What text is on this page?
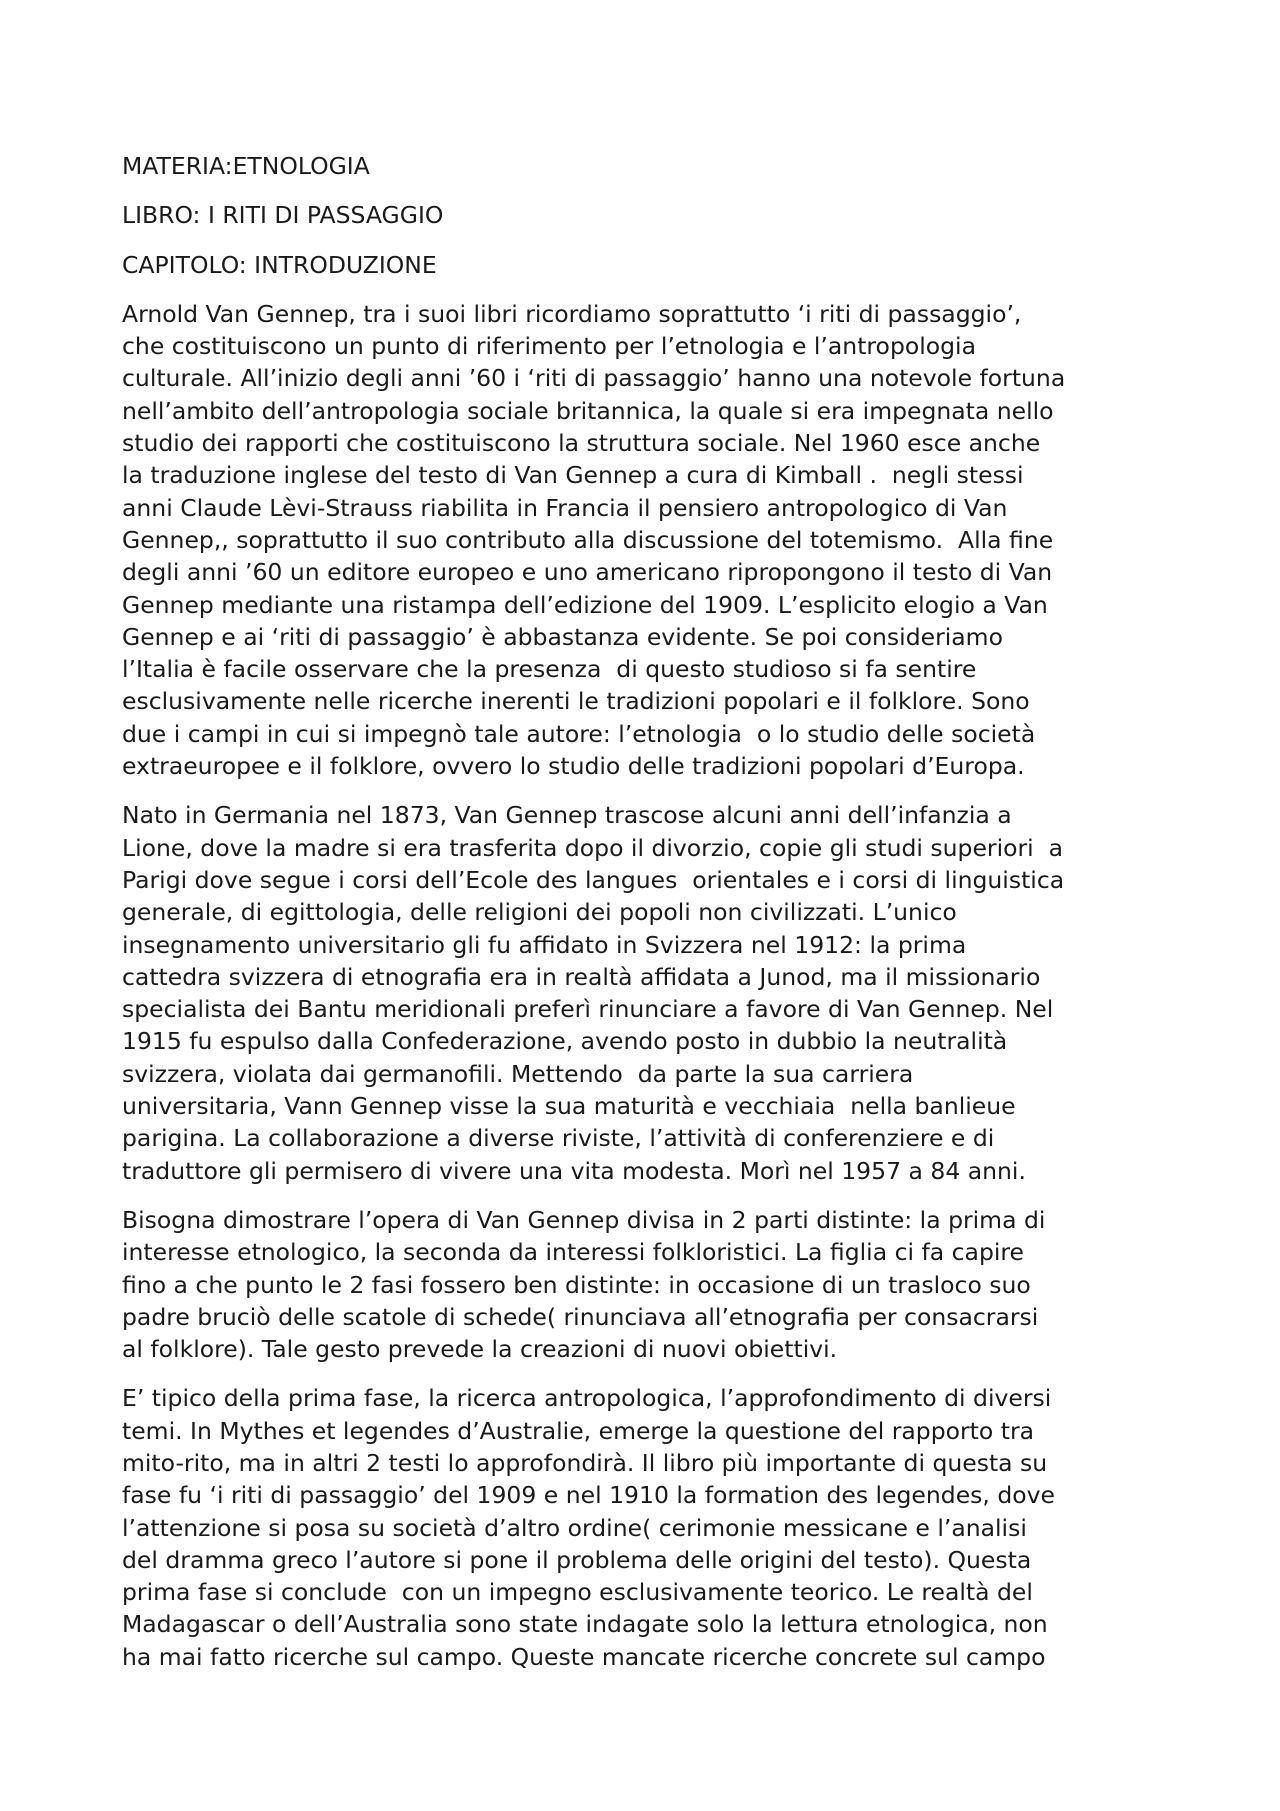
MATERIA:ETNOLOGIA
LIBRO: I RITI DI PASSAGGIO
CAPITOLO: INTRODUZIONE
Arnold Van Gennep, tra i suoi libri ricordiamo soprattutto ‘i riti di passaggio’,
che costituiscono un punto di riferimento per l’etnologia e l’antropologia
culturale. All’inizio degli anni ’60 i ‘riti di passaggio’ hanno una notevole fortuna
nell’ambito dell’antropologia sociale britannica, la quale si era impegnata nello
studio dei rapporti che costituiscono la struttura sociale. Nel 1960 esce anche
la traduzione inglese del testo di Van Gennep a cura di Kimball .  negli stessi
anni Claude Lèvi-Strauss riabilita in Francia il pensiero antropologico di Van
Gennep,, soprattutto il suo contributo alla discussione del totemismo.  Alla fine
degli anni ’60 un editore europeo e uno americano ripropongono il testo di Van
Gennep mediante una ristampa dell’edizione del 1909. L’esplicito elogio a Van
Gennep e ai ‘riti di passaggio’ è abbastanza evidente. Se poi consideriamo
l’Italia è facile osservare che la presenza  di questo studioso si fa sentire
esclusivamente nelle ricerche inerenti le tradizioni popolari e il folklore. Sono
due i campi in cui si impegnò tale autore: l’etnologia  o lo studio delle società
extraeuropee e il folklore, ovvero lo studio delle tradizioni popolari d’Europa.
Nato in Germania nel 1873, Van Gennep trascose alcuni anni dell’infanzia a
Lione, dove la madre si era trasferita dopo il divorzio, copie gli studi superiori  a
Parigi dove segue i corsi dell’Ecole des langues  orientales e i corsi di linguistica
generale, di egittologia, delle religioni dei popoli non civilizzati. L’unico
insegnamento universitario gli fu affidato in Svizzera nel 1912: la prima
cattedra svizzera di etnografia era in realtà affidata a Junod, ma il missionario
specialista dei Bantu meridionali preferì rinunciare a favore di Van Gennep. Nel
1915 fu espulso dalla Confederazione, avendo posto in dubbio la neutralità
svizzera, violata dai germanofili. Mettendo  da parte la sua carriera
universitaria, Vann Gennep visse la sua maturità e vecchiaia  nella banlieue
parigina. La collaborazione a diverse riviste, l’attività di conferenziere e di
traduttore gli permisero di vivere una vita modesta. Morì nel 1957 a 84 anni.
Bisogna dimostrare l’opera di Van Gennep divisa in 2 parti distinte: la prima di
interesse etnologico, la seconda da interessi folkloristici. La figlia ci fa capire
fino a che punto le 2 fasi fossero ben distinte: in occasione di un trasloco suo
padre bruciò delle scatole di schede( rinunciava all’etnografia per consacrarsi
al folklore). Tale gesto prevede la creazioni di nuovi obiettivi.
E’ tipico della prima fase, la ricerca antropologica, l’approfondimento di diversi
temi. In Mythes et legendes d’Australie, emerge la questione del rapporto tra
mito-rito, ma in altri 2 testi lo approfondirà. Il libro più importante di questa su
fase fu ‘i riti di passaggio’ del 1909 e nel 1910 la formation des legendes, dove
l’attenzione si posa su società d’altro ordine( cerimonie messicane e l’analisi
del dramma greco l’autore si pone il problema delle origini del testo). Questa
prima fase si conclude  con un impegno esclusivamente teorico. Le realtà del
Madagascar o dell’Australia sono state indagate solo la lettura etnologica, non
ha mai fatto ricerche sul campo. Queste mancate ricerche concrete sul campo
